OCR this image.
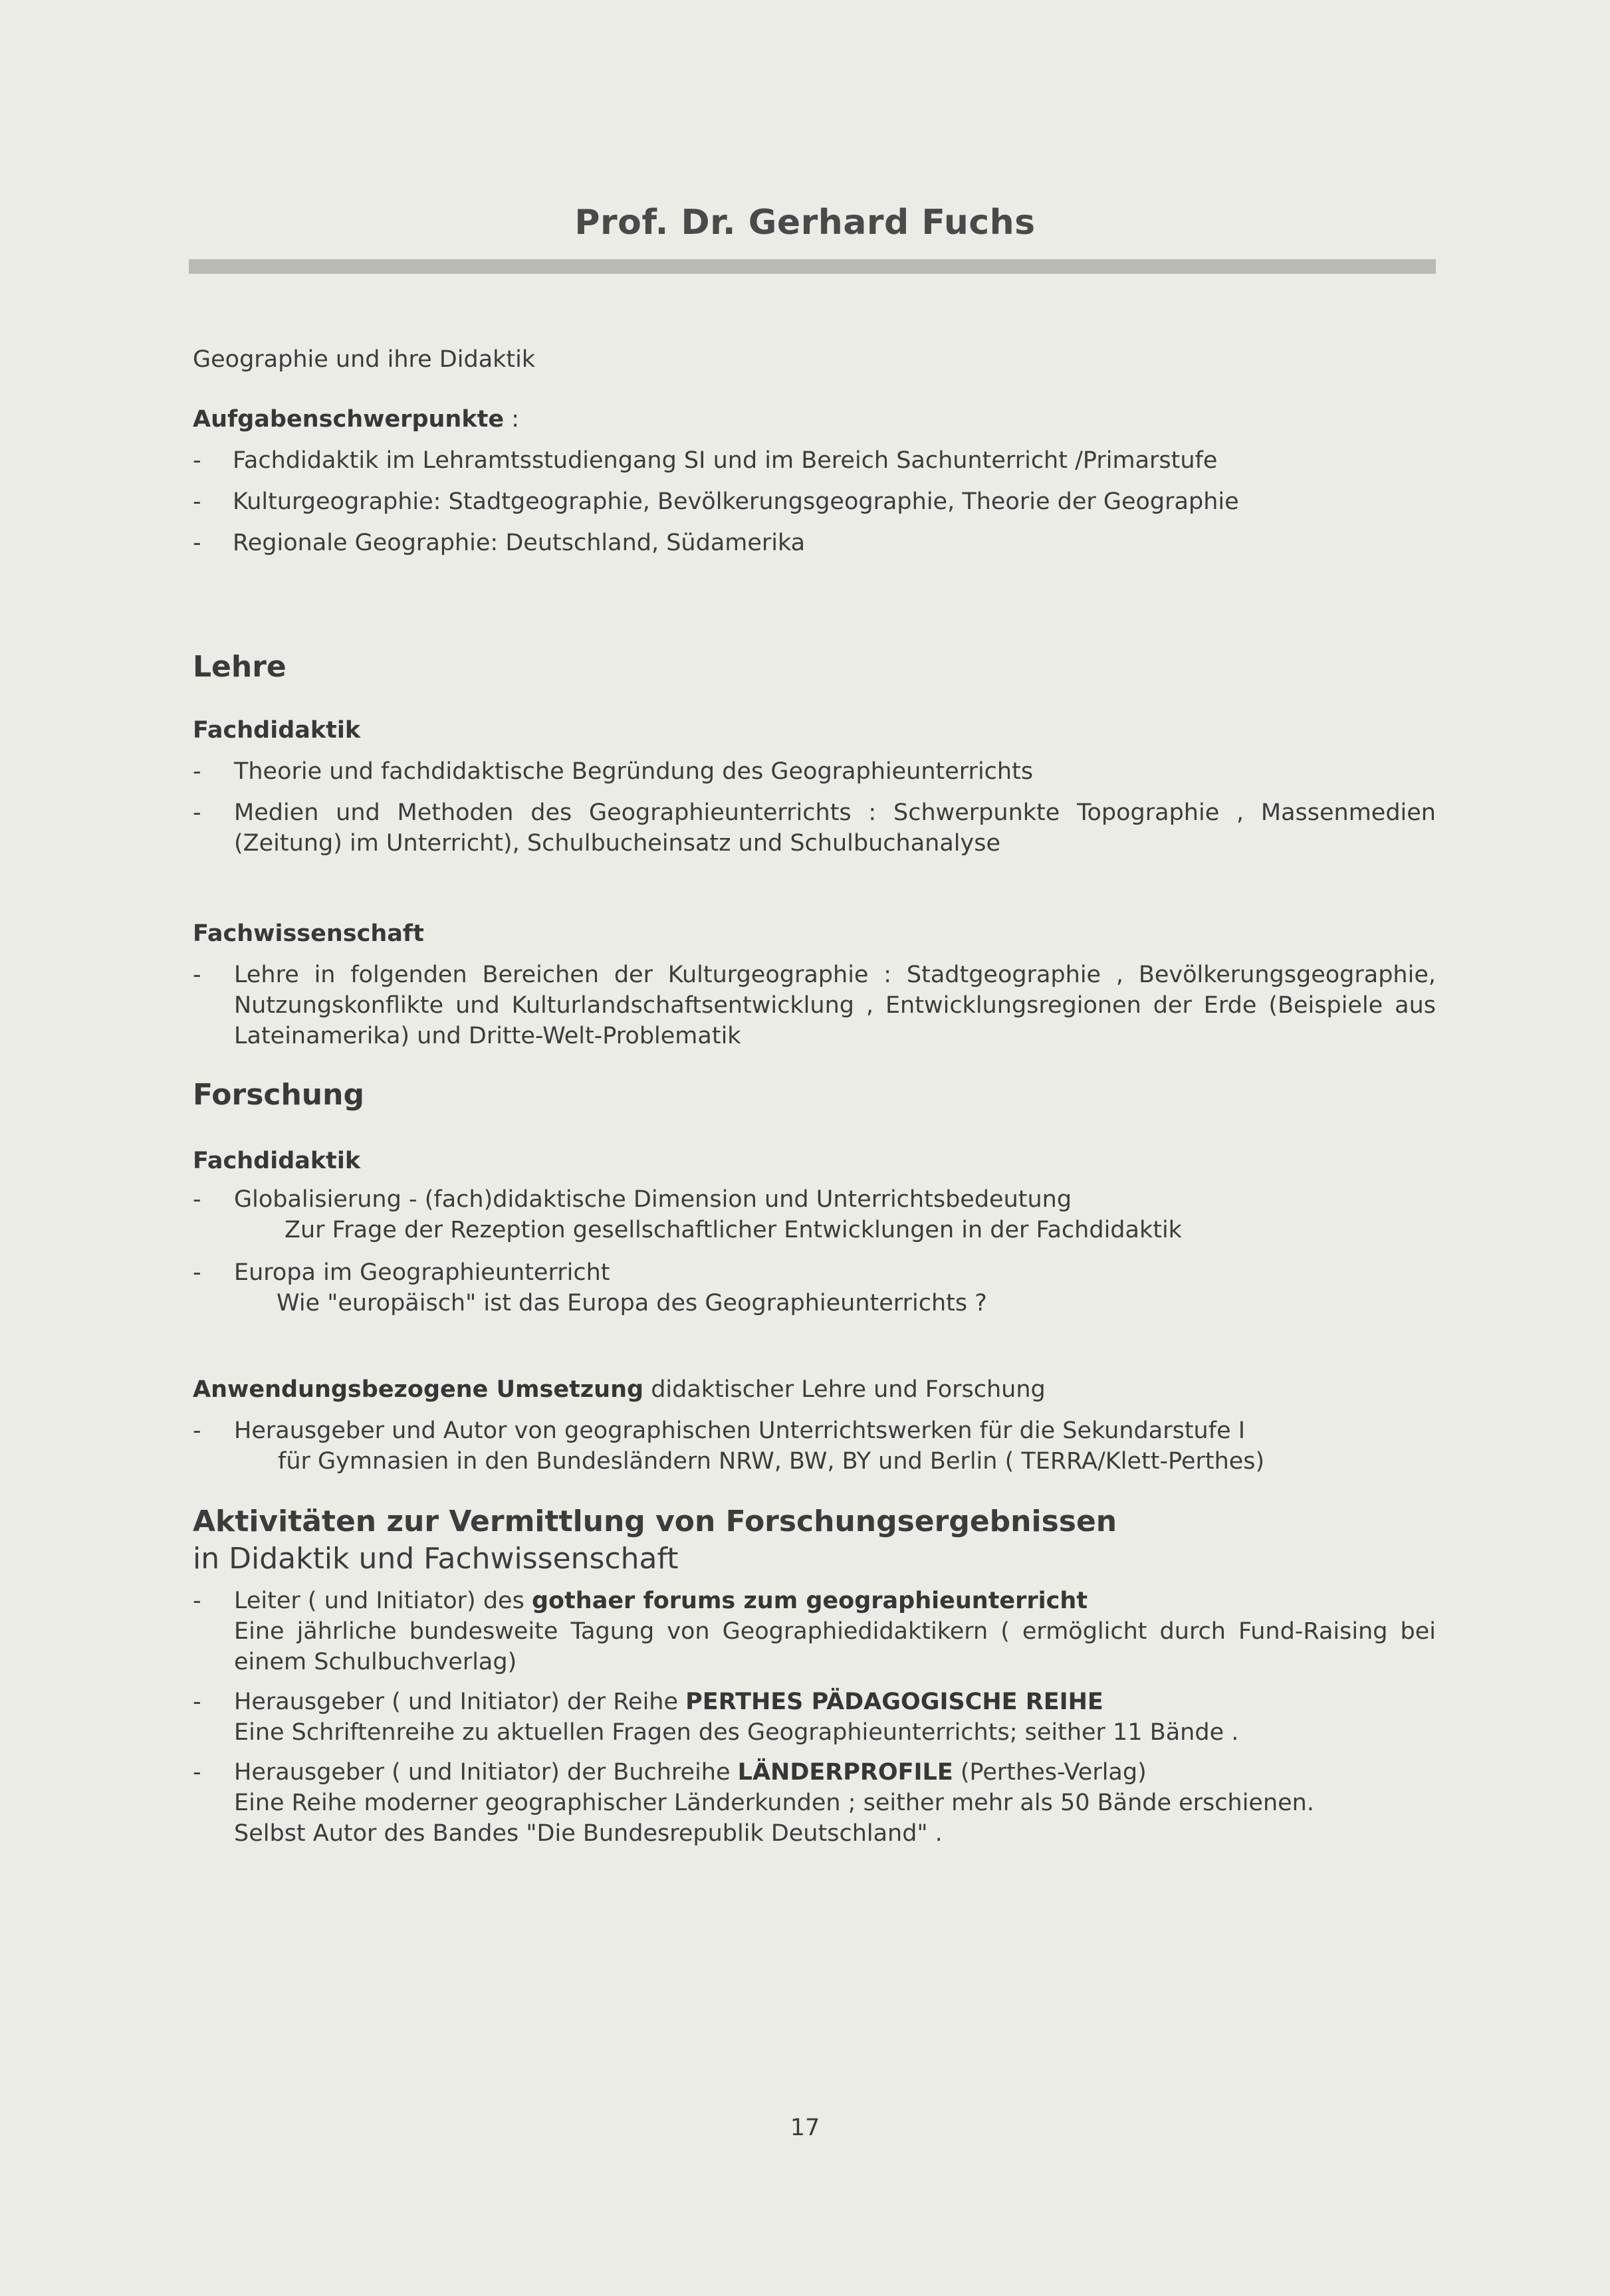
Prof. Dr. Gerhard Fuchs
Geographie und ihre Didaktik
Aufgabenschwerpunkte :
- Fachdidaktik im Lehramtsstudiengang SI und im Bereich Sachunterricht /Primarstufe
- Kulturgeographie: Stadtgeographie, Bevölkerungsgeographie, Theorie der Geographie
- Regionale Geographie: Deutschland, Südamerika
Lehre
Fachdidaktik
- Theorie und fachdidaktische Begründung des Geographieunterrichts
- Medien und Methoden des Geographieunterrichts : Schwerpunkte Topographie , Massenmedien (Zeitung) im Unterricht), Schulbucheinsatz und Schulbuchanalyse
Fachwissenschaft
- Lehre in folgenden Bereichen der Kulturgeographie : Stadtgeographie , Bevölkerungsgeographie, Nutzungskonflikte und Kulturlandschaftsentwicklung , Entwicklungsregionen der Erde (Beispiele aus Lateinamerika) und Dritte-Welt-Problematik
Forschung
Fachdidaktik
- Globalisierung - (fach)didaktische Dimension und Unterrichtsbedeutung
Zur Frage der Rezeption gesellschaftlicher Entwicklungen in der Fachdidaktik
- Europa im Geographieunterricht
Wie "europäisch" ist das Europa des Geographieunterrichts ?
Anwendungsbezogene Umsetzung didaktischer Lehre und Forschung
- Herausgeber und Autor von geographischen Unterrichtswerken für die Sekundarstufe I
für Gymnasien in den Bundesländern NRW, BW, BY und Berlin ( TERRA/Klett-Perthes)
Aktivitäten zur Vermittlung von Forschungsergebnissen
in Didaktik und Fachwissenschaft
- Leiter ( und Initiator) des gothaer forums zum geographieunterricht
Eine jährliche bundesweite Tagung von Geographiedidaktikern ( ermöglicht durch Fund-Raising bei einem Schulbuchverlag)
- Herausgeber ( und Initiator) der Reihe PERTHES PÄDAGOGISCHE REIHE
Eine Schriftenreihe zu aktuellen Fragen des Geographieunterrichts; seither 11 Bände .
- Herausgeber ( und Initiator) der Buchreihe LÄNDERPROFILE (Perthes-Verlag)
Eine Reihe moderner geographischer Länderkunden ; seither mehr als 50 Bände erschienen.
Selbst Autor des Bandes "Die Bundesrepublik Deutschland" .
17
